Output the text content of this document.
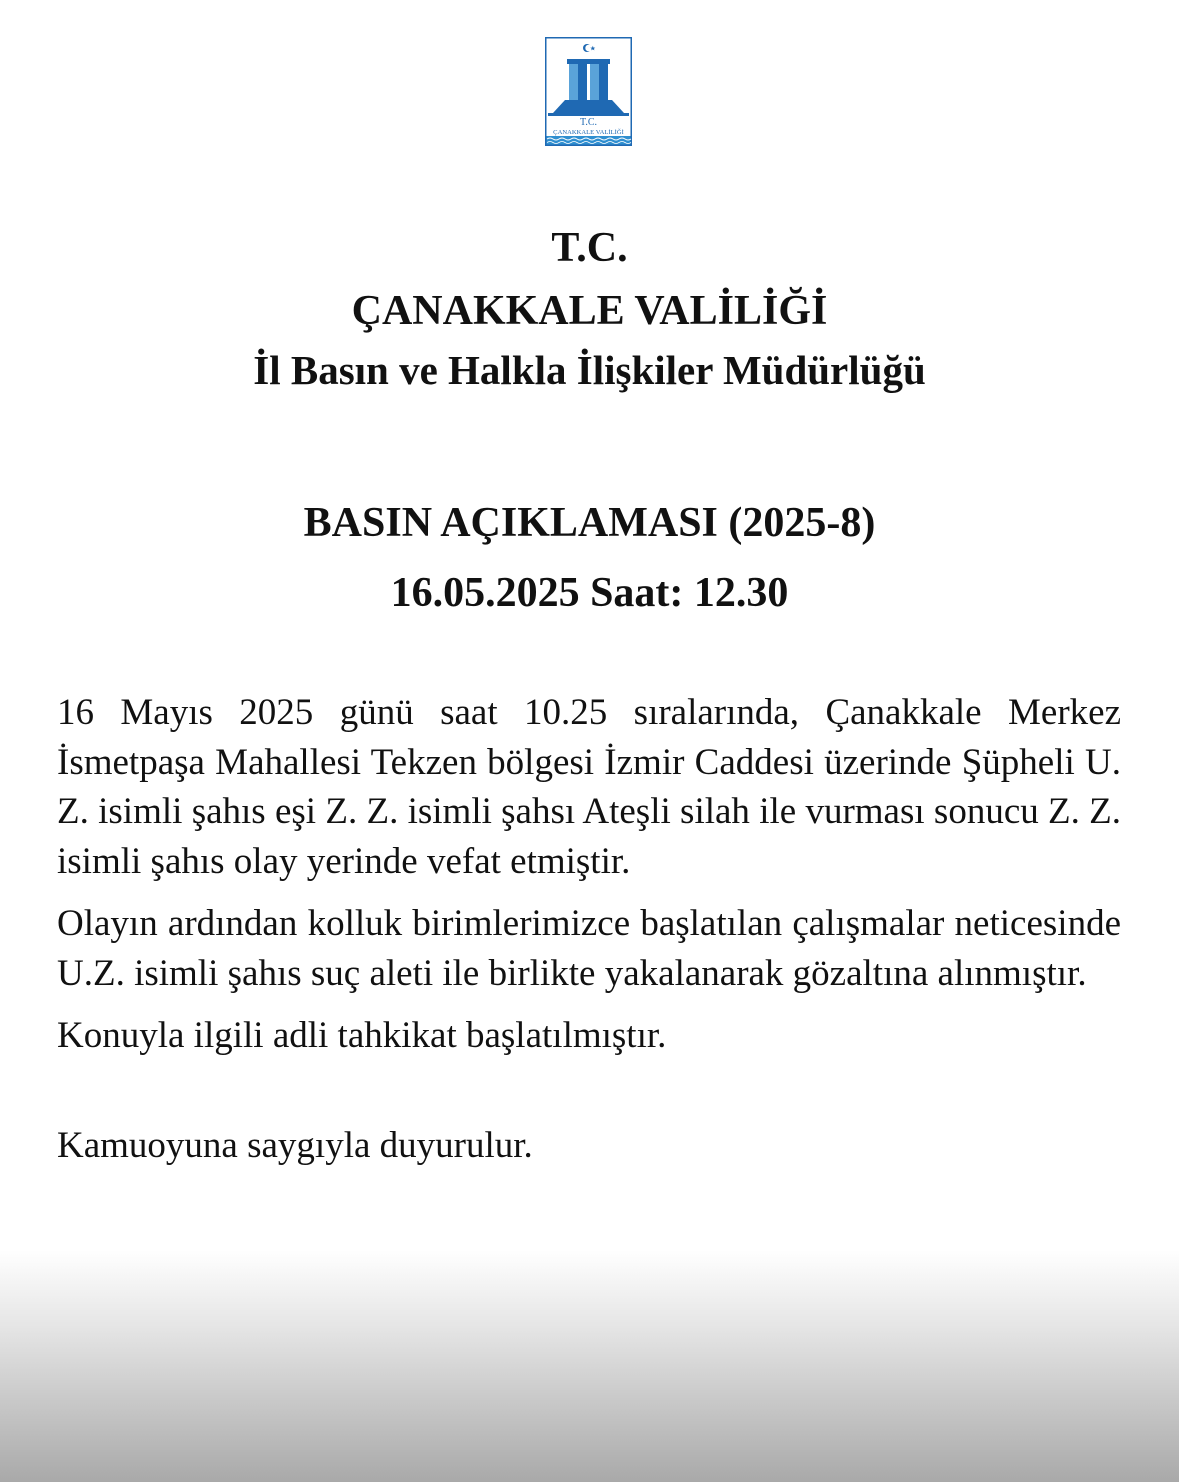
T.C.
ÇANAKKALE VALİLİĞİ
T.C.
ÇANAKKALE VALİLİĞİ
İl Basın ve Halkla İlişkiler Müdürlüğü
BASIN AÇIKLAMASI (2025-8)
16.05.2025 Saat: 12.30

16 Mayıs 2025 günü saat 10.25 sıralarında, Çanakkale Merkez İsmetpaşa Mahallesi Tekzen bölgesi İzmir Caddesi üzerinde Şüpheli U. Z. isimli şahıs eşi Z. Z. isimli şahsı Ateşli silah ile vurması sonucu Z. Z. isimli şahıs olay yerinde vefat etmiştir.

Olayın ardından kolluk birimlerimizce başlatılan çalışmalar neticesinde U.Z. isimli şahıs suç aleti ile birlikte yakalanarak gözaltına alınmıştır.

Konuyla ilgili adli tahkikat başlatılmıştır.

Kamuoyuna saygıyla duyurulur.
